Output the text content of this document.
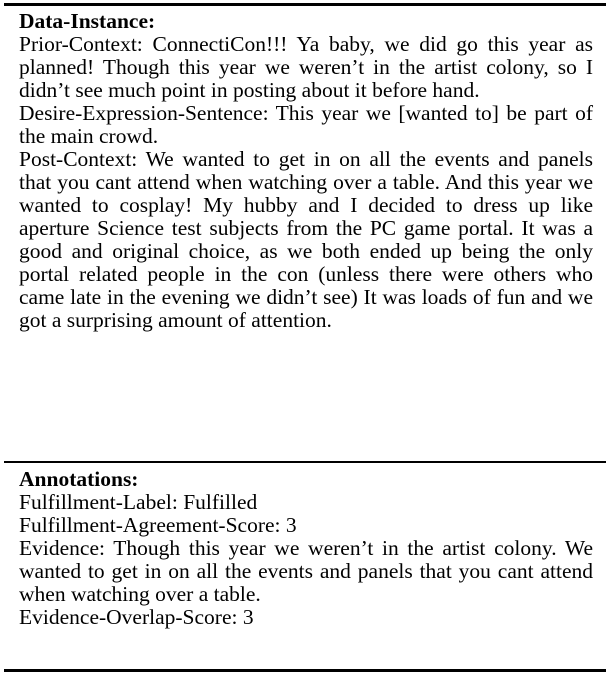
Data-Instance:
Prior-Context: ConnectiCon!!! Ya baby, we did go this year as planned! Though this year we weren’t in the artist colony, so I didn’t see much point in posting about it before hand.
Desire-Expression-Sentence: This year we [wanted to] be part of the main crowd.
Post-Context: We wanted to get in on all the events and panels that you cant attend when watching over a table. And this year we wanted to cosplay! My hubby and I decided to dress up like aperture Science test subjects from the PC game portal. It was a good and original choice, as we both ended up being the only portal related people in the con (unless there were others who came late in the evening we didn’t see) It was loads of fun and we got a surprising amount of attention.
Annotations:
Fulfillment-Label: Fulfilled
Fulfillment-Agreement-Score: 3
Evidence: Though this year we weren’t in the artist colony. We wanted to get in on all the events and panels that you cant attend when watching over a table.
Evidence-Overlap-Score: 3
